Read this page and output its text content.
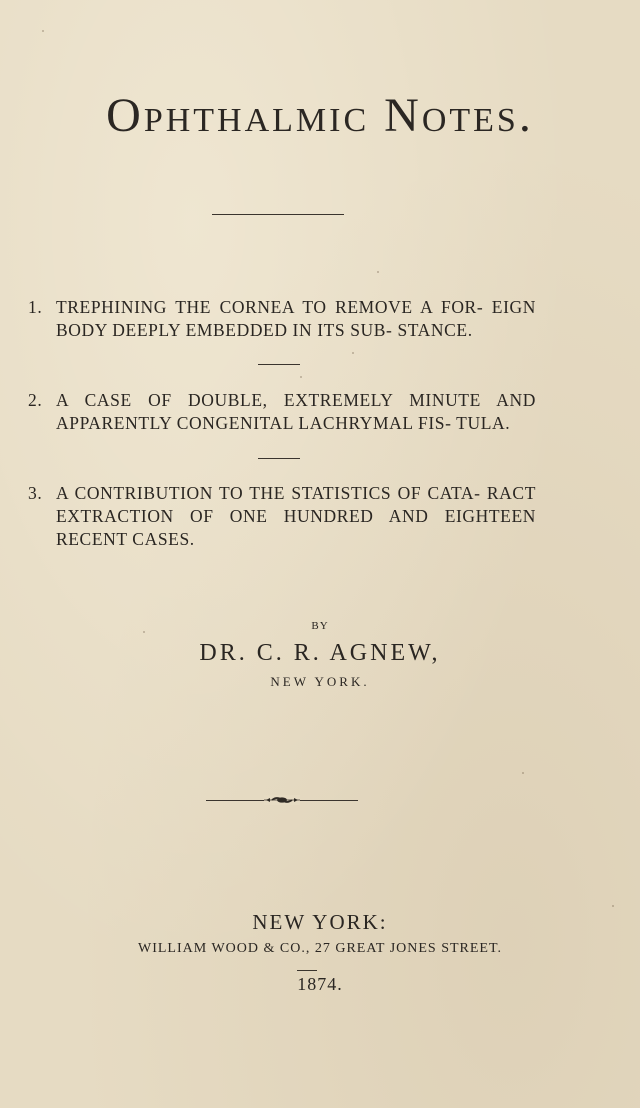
Ophthalmic Notes.
1. TREPHINING THE CORNEA TO REMOVE A FOR- EIGN BODY DEEPLY EMBEDDED IN ITS SUB- STANCE.
2. A CASE OF DOUBLE, EXTREMELY MINUTE AND APPARENTLY CONGENITAL LACHRYMAL FIS- TULA.
3. A CONTRIBUTION TO THE STATISTICS OF CATA- RACT EXTRACTION OF ONE HUNDRED AND EIGHTEEN RECENT CASES.
BY
DR. C. R. AGNEW,
NEW YORK.
NEW YORK:
WILLIAM WOOD & CO., 27 GREAT JONES STREET.
1874.
